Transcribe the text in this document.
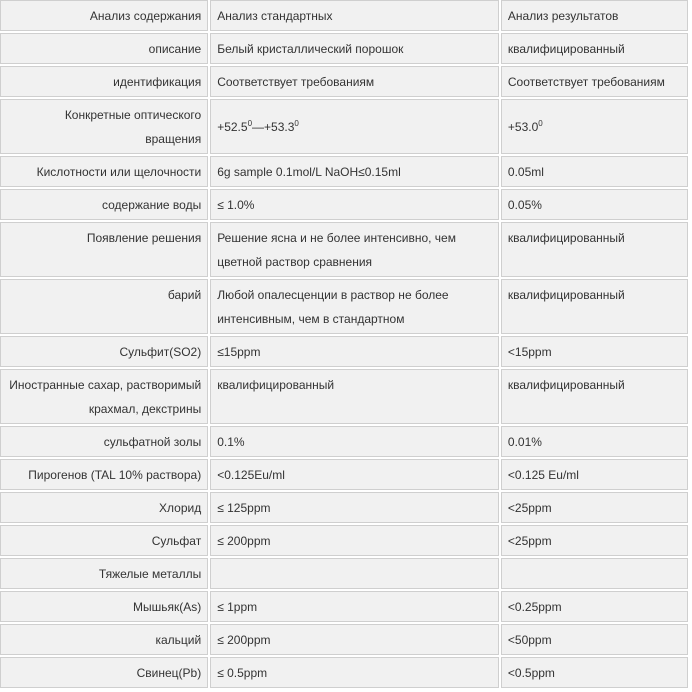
Анализ содержания	Анализ стандартных	Анализ результатов
описание	Белый кристаллический порошок	квалифицированный
идентификация	Соответствует требованиям	Соответствует требованиям
Конкретные оптического вращения	$+52.5^0—+53.3^0$	$+53.0^0$
Кислотности или щелочности	6g sample 0.1mol/L NaOH≤0.15ml	0.05ml
содержание воды	≤ 1.0%	0.05%
Появление решения	Решение ясна и не более интенсивно, чем цветной раствор сравнения	квалифицированный
барий	Любой опалесценции в раствор не более интенсивным, чем в стандартном	квалифицированный
Сульфит(SO2)	≤15ppm	<15ppm
Иностранные сахар, растворимый крахмал, декстрины	квалифицированный	квалифицированный
сульфатной золы	0.1%	0.01%
Пирогенов (TAL 10% раствора)	<0.125Eu/ml	<0.125 Eu/ml
Хлорид	≤ 125ppm	<25ppm
Сульфат	≤ 200ppm	<25ppm
Тяжелые металлы		
Мышьяк(As)	≤ 1ppm	<0.25ppm
кальций	≤ 200ppm	<50ppm
Свинец(Pb)	≤ 0.5ppm	<0.5ppm
